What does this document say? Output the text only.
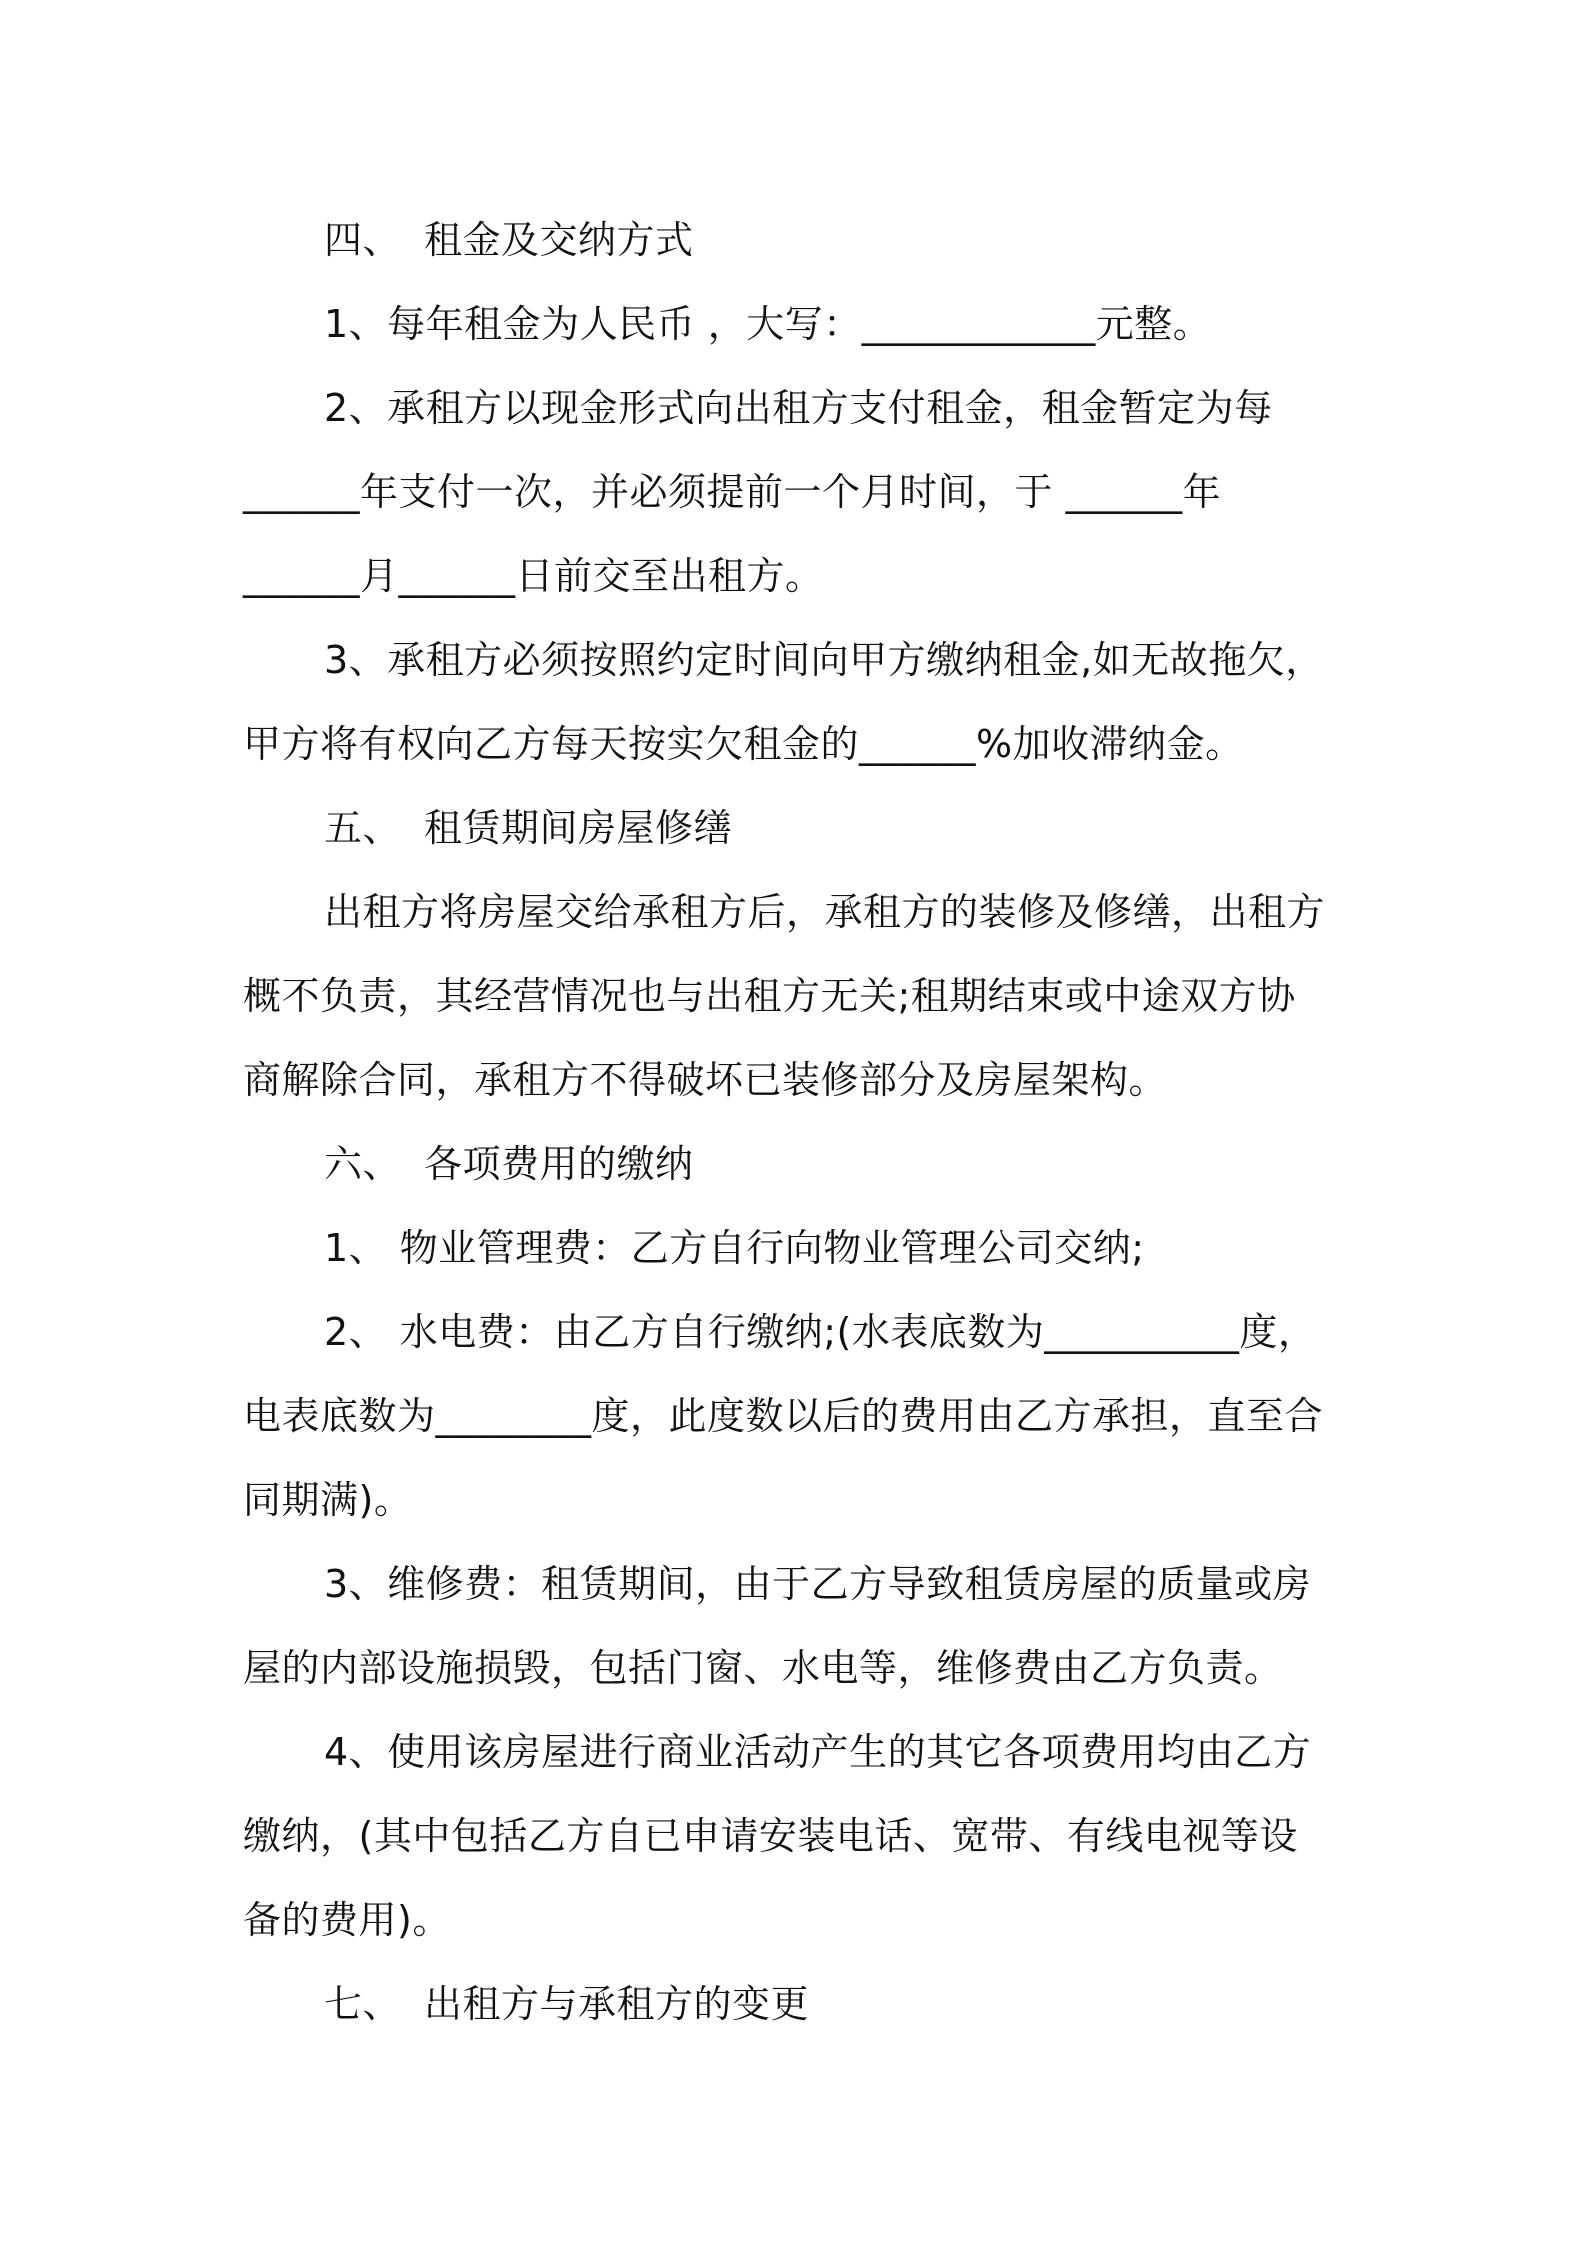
四、 租金及交纳方式
1、每年租金为人民币 ，大写：____________元整。
2、承租方以现金形式向出租方支付租金，租金暂定为每
______年支付一次，并必须提前一个月时间，于 ______年
______月______日前交至出租方。
3、承租方必须按照约定时间向甲方缴纳租金,如无故拖欠，
甲方将有权向乙方每天按实欠租金的______%加收滞纳金。
五、 租赁期间房屋修缮
出租方将房屋交给承租方后，承租方的装修及修缮，出租方
概不负责，其经营情况也与出租方无关;租期结束或中途双方协
商解除合同，承租方不得破坏已装修部分及房屋架构。
六、 各项费用的缴纳
1、 物业管理费：乙方自行向物业管理公司交纳;
2、 水电费：由乙方自行缴纳;(水表底数为__________度，
电表底数为________度，此度数以后的费用由乙方承担，直至合
同期满)。
3、维修费：租赁期间，由于乙方导致租赁房屋的质量或房
屋的内部设施损毁，包括门窗、水电等，维修费由乙方负责。
4、使用该房屋进行商业活动产生的其它各项费用均由乙方
缴纳，(其中包括乙方自已申请安装电话、宽带、有线电视等设
备的费用)。
七、 出租方与承租方的变更
